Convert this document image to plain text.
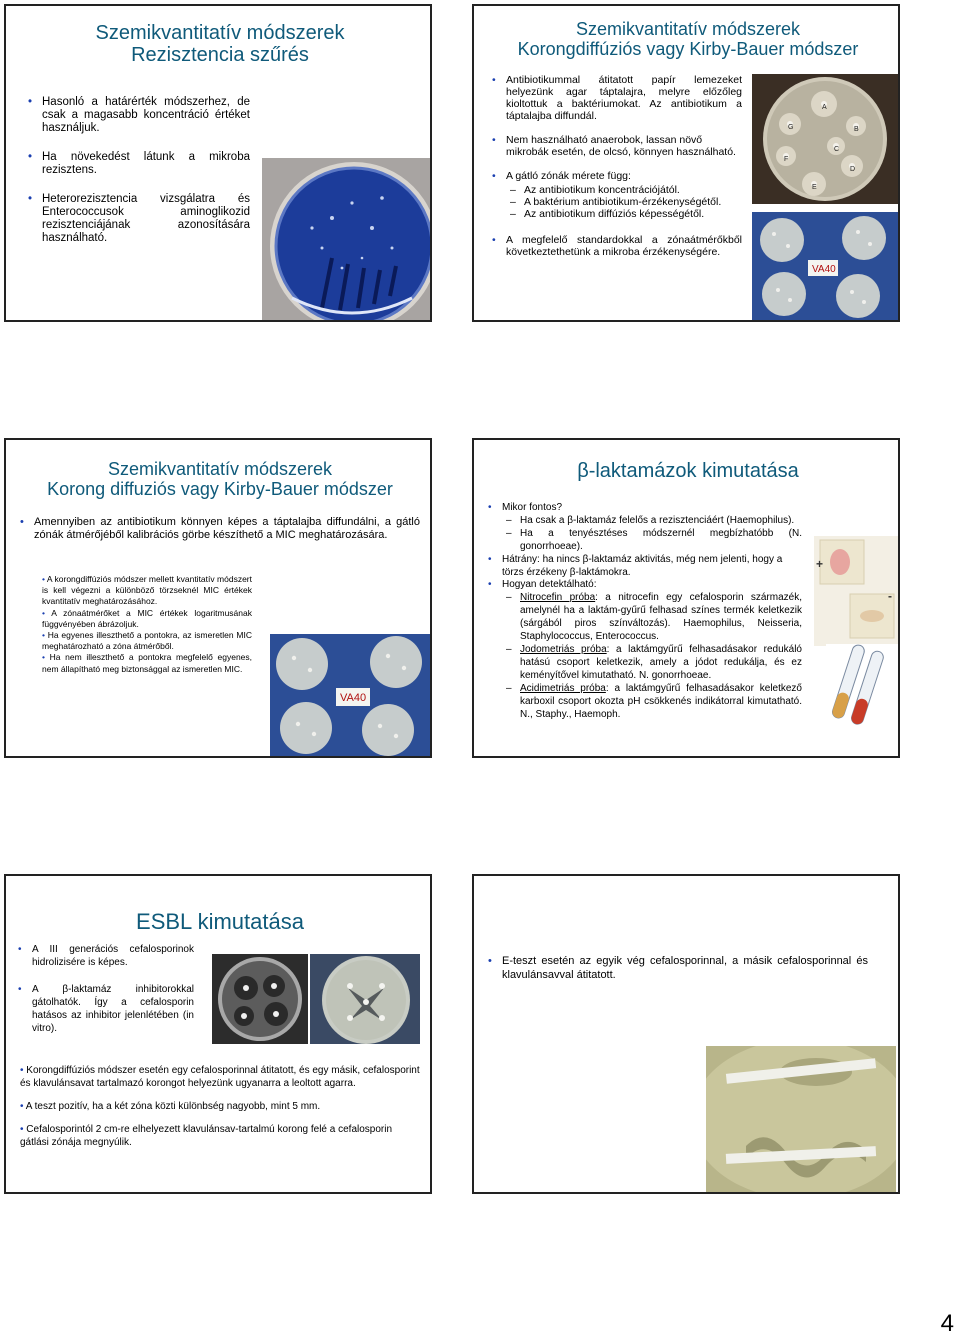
Szemikvantitatív módszerek
Rezisztencia szűrés
• Hasonló a határérték módszerhez, de csak a magasabb koncentráció értéket használjuk.
• Ha növekedést látunk a mikroba rezisztens.
• Heterorezisztencia vizsgálatra és Enterococcusok aminoglikozid rezisztenciájának azonosítására használható.
Szemikvantitatív módszerek
Korongdiffúziós vagy Kirby-Bauer módszer
• Antibiotikummal átitatott papír lemezeket helyezünk agar táptalajra, melyre előzőleg kioltottuk a baktériumokat. Az antibiotikum a táptalajba diffundál.
• Nem használható anaerobok, lassan növő mikrobák esetén, de olcsó, könnyen használható.
• A gátló zónák mérete függ:
– Az antibiotikum koncentrációjától.
– A baktérium antibiotikum-érzékenységétől.
– Az antibiotikum diffúziós képességétől.
• A megfelelő standardokkal a zónaátmérőkből következtethetünk a mikroba érzékenységére.
A
B
C
D
E
F
G
VA40
Szemikvantitatív módszerek
Korong diffuziós vagy Kirby-Bauer módszer
• Amennyiben az antibiotikum könnyen képes a táptalajba diffundálni, a gátló zónák átmérőjéből kalibrációs görbe készíthető a MIC meghatározására.
• A korongdiffúziós módszer mellett kvantitatív módszert is kell végezni a különböző törzseknél MIC értékek kvantitatív meghatározásához.
• A zónaátmérőket a MIC értékek logaritmusának függvényében ábrázoljuk.
• Ha egyenes illeszthető a pontokra, az ismeretlen MIC meghatározható a zóna átmérőből.
• Ha nem illeszthető a pontokra megfelelő egyenes, nem állapítható meg biztonsággal az ismeretlen MIC.
VA40
β-laktamázok kimutatása
• Mikor fontos?
– Ha csak a β-laktamáz felelős a rezisztenciáért (Haemophilus).
– Ha a tenyésztéses módszernél megbízhatóbb (N. gonorrhoeae).
• Hátrány: ha nincs β-laktamáz aktivitás, még nem jelenti, hogy a törzs érzékeny β-laktámokra.
• Hogyan detektálható:
– Nitrocefin próba: a nitrocefin egy cefalosporin származék, amelynél ha a laktám-gyűrű felhasad színes termék keletkezik (sárgából piros színváltozás). Haemophilus, Neisseria, Staphylococcus, Enterococcus.
– Jodometriás próba: a laktámgyűrű felhasadásakor redukáló hatású csoport keletkezik, amely a jódot redukálja, és ez keményítővel kimutatható. N. gonorrhoeae.
– Acidimetriás próba: a laktámgyűrű felhasadásakor keletkező karboxil csoport okozta pH csökkenés indikátorral kimutatható. N., Staphy., Haemoph.
+
-
ESBL kimutatása
• A III generációs cefalosporinok hidrolizisére is képes.
• A β-laktamáz inhibitorokkal gátolhatók. Így a cefalosporin hatásos az inhibitor jelenlétében (in vitro).
• Korongdiffúziós módszer esetén egy cefalosporinnal átitatott, és egy másik, cefalosporint és klavulánsavat tartalmazó korongot helyezünk ugyanarra a leoltott agarra.
• A teszt pozitív, ha a két zóna közti különbség nagyobb, mint 5 mm.
• Cefalosporintól 2 cm-re elhelyezett klavulánsav-tartalmú korong felé a cefalosporin gátlási zónája megnyúlik.
• E-teszt esetén az egyik vég cefalosporinnal, a másik cefalosporinnal és klavulánsavval átitatott.
4
